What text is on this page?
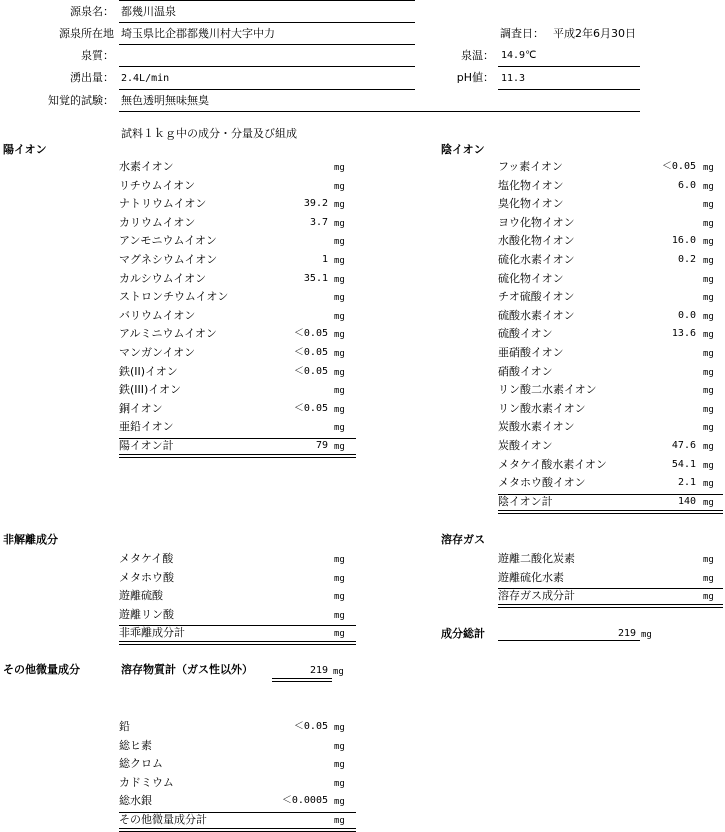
源泉名： 都幾川温泉
源泉所在地 埼玉県比企郡都幾川村大字中力	調査日： 平成2年6月30日
泉質：	泉温： 14.9℃
湧出量： 2.4L/min	pH値： 11.3
知覚的試験： 無色透明無味無臭
試料１ｋｇ中の成分・分量及び組成
陽イオン	陰イオン
水素イオン	mg
リチウムイオン	mg
ナトリウムイオン	39.2 mg
カリウムイオン	3.7 mg
アンモニウムイオン	mg
マグネシウムイオン	1 mg
カルシウムイオン	35.1 mg
ストロンチウムイオン	mg
バリウムイオン	mg
アルミニウムイオン	＜0.05 mg
マンガンイオン	＜0.05 mg
鉄(II)イオン	＜0.05 mg
鉄(III)イオン	mg
銅イオン	＜0.05 mg
亜鉛イオン	mg
陽イオン計	79 mg
フッ素イオン	＜0.05 mg
塩化物イオン	6.0 mg
臭化物イオン	mg
ヨウ化物イオン	mg
水酸化物イオン	16.0 mg
硫化水素イオン	0.2 mg
硫化物イオン	mg
チオ硫酸イオン	mg
硫酸水素イオン	0.0 mg
硫酸イオン	13.6 mg
亜硝酸イオン	mg
硝酸イオン	mg
リン酸二水素イオン	mg
リン酸水素イオン	mg
炭酸水素イオン	mg
炭酸イオン	47.6 mg
メタケイ酸水素イオン	54.1 mg
メタホウ酸イオン	2.1 mg
陰イオン計	140 mg
非解離成分	溶存ガス
メタケイ酸	mg
メタホウ酸	mg
遊離硫酸	mg
遊離リン酸	mg
非乖離成分計	mg
遊離二酸化炭素	mg
遊離硫化水素	mg
溶存ガス成分計	mg
成分総計	219 mg
その他微量成分	溶存物質計（ガス性以外）	219 mg
鉛	＜0.05 mg
総ヒ素	mg
総クロム	mg
カドミウム	mg
総水銀	＜0.0005 mg
その他微量成分計	mg
